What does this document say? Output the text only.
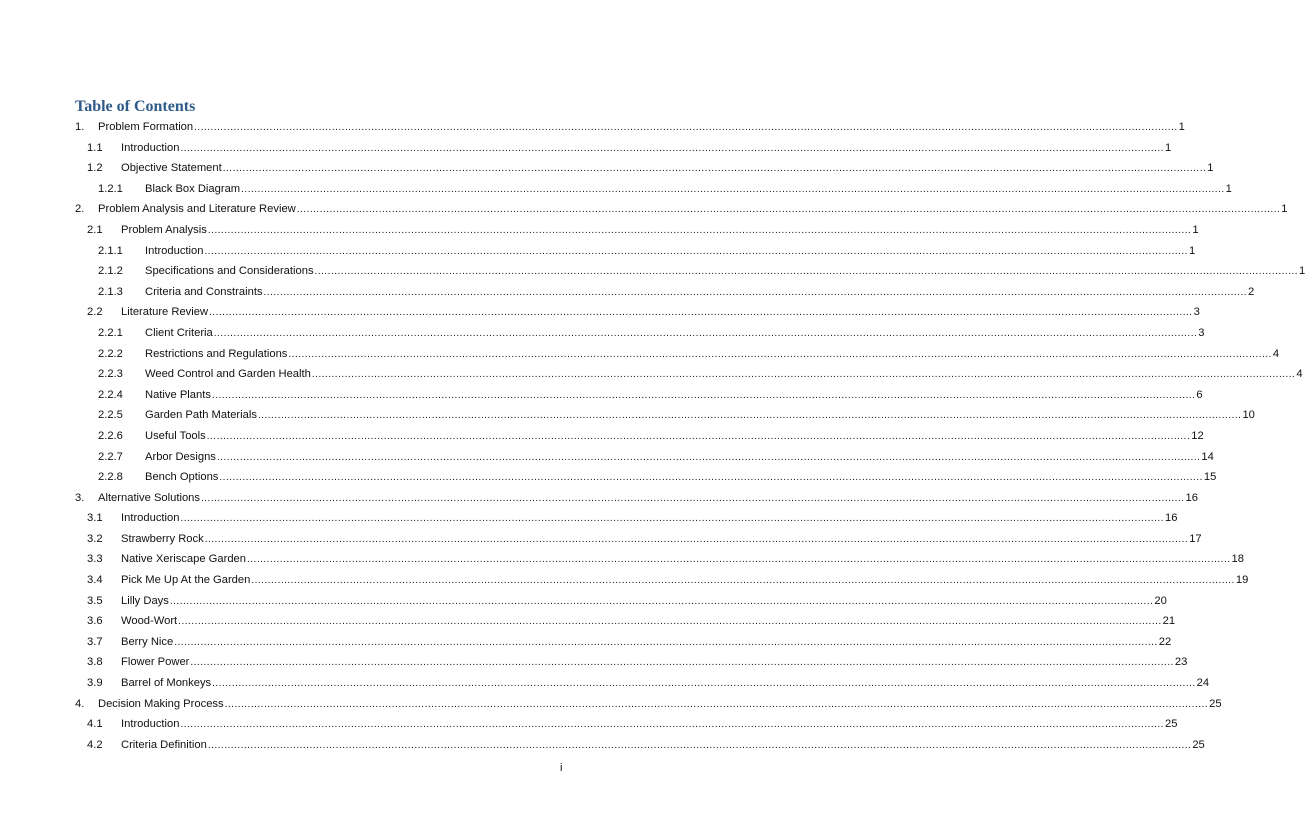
Table of Contents
1. Problem Formation ............................................................................................................................................................................................................................................................................................................ 1
1.1 Introduction ............................................................................................................................................................................................................................................................................................................ 1
1.2 Objective Statement ............................................................................................................................................................................................................................................................................................................ 1
1.2.1 Black Box Diagram ............................................................................................................................................................................................................................................................................................................ 1
2. Problem Analysis and Literature Review ............................................................................................................................................................................................................................................................................................................ 1
2.1 Problem Analysis ............................................................................................................................................................................................................................................................................................................ 1
2.1.1 Introduction ............................................................................................................................................................................................................................................................................................................ 1
2.1.2 Specifications and Considerations ............................................................................................................................................................................................................................................................................................................ 1
2.1.3 Criteria and Constraints ............................................................................................................................................................................................................................................................................................................ 2
2.2 Literature Review ............................................................................................................................................................................................................................................................................................................ 3
2.2.1 Client Criteria ............................................................................................................................................................................................................................................................................................................ 3
2.2.2 Restrictions and Regulations ............................................................................................................................................................................................................................................................................................................ 4
2.2.3 Weed Control and Garden Health ............................................................................................................................................................................................................................................................................................................ 4
2.2.4 Native Plants ............................................................................................................................................................................................................................................................................................................ 6
2.2.5 Garden Path Materials ............................................................................................................................................................................................................................................................................................................ 10
2.2.6 Useful Tools ............................................................................................................................................................................................................................................................................................................ 12
2.2.7 Arbor Designs ............................................................................................................................................................................................................................................................................................................ 14
2.2.8 Bench Options ............................................................................................................................................................................................................................................................................................................ 15
3. Alternative Solutions ............................................................................................................................................................................................................................................................................................................ 16
3.1 Introduction ............................................................................................................................................................................................................................................................................................................ 16
3.2 Strawberry Rock ............................................................................................................................................................................................................................................................................................................ 17
3.3 Native Xeriscape Garden ............................................................................................................................................................................................................................................................................................................ 18
3.4 Pick Me Up At the Garden ............................................................................................................................................................................................................................................................................................................ 19
3.5 Lilly Days ............................................................................................................................................................................................................................................................................................................ 20
3.6 Wood-Wort ............................................................................................................................................................................................................................................................................................................ 21
3.7 Berry Nice ............................................................................................................................................................................................................................................................................................................ 22
3.8 Flower Power ............................................................................................................................................................................................................................................................................................................ 23
3.9 Barrel of Monkeys ............................................................................................................................................................................................................................................................................................................ 24
4. Decision Making Process ............................................................................................................................................................................................................................................................................................................ 25
4.1 Introduction ............................................................................................................................................................................................................................................................................................................ 25
4.2 Criteria Definition ............................................................................................................................................................................................................................................................................................................ 25
i
